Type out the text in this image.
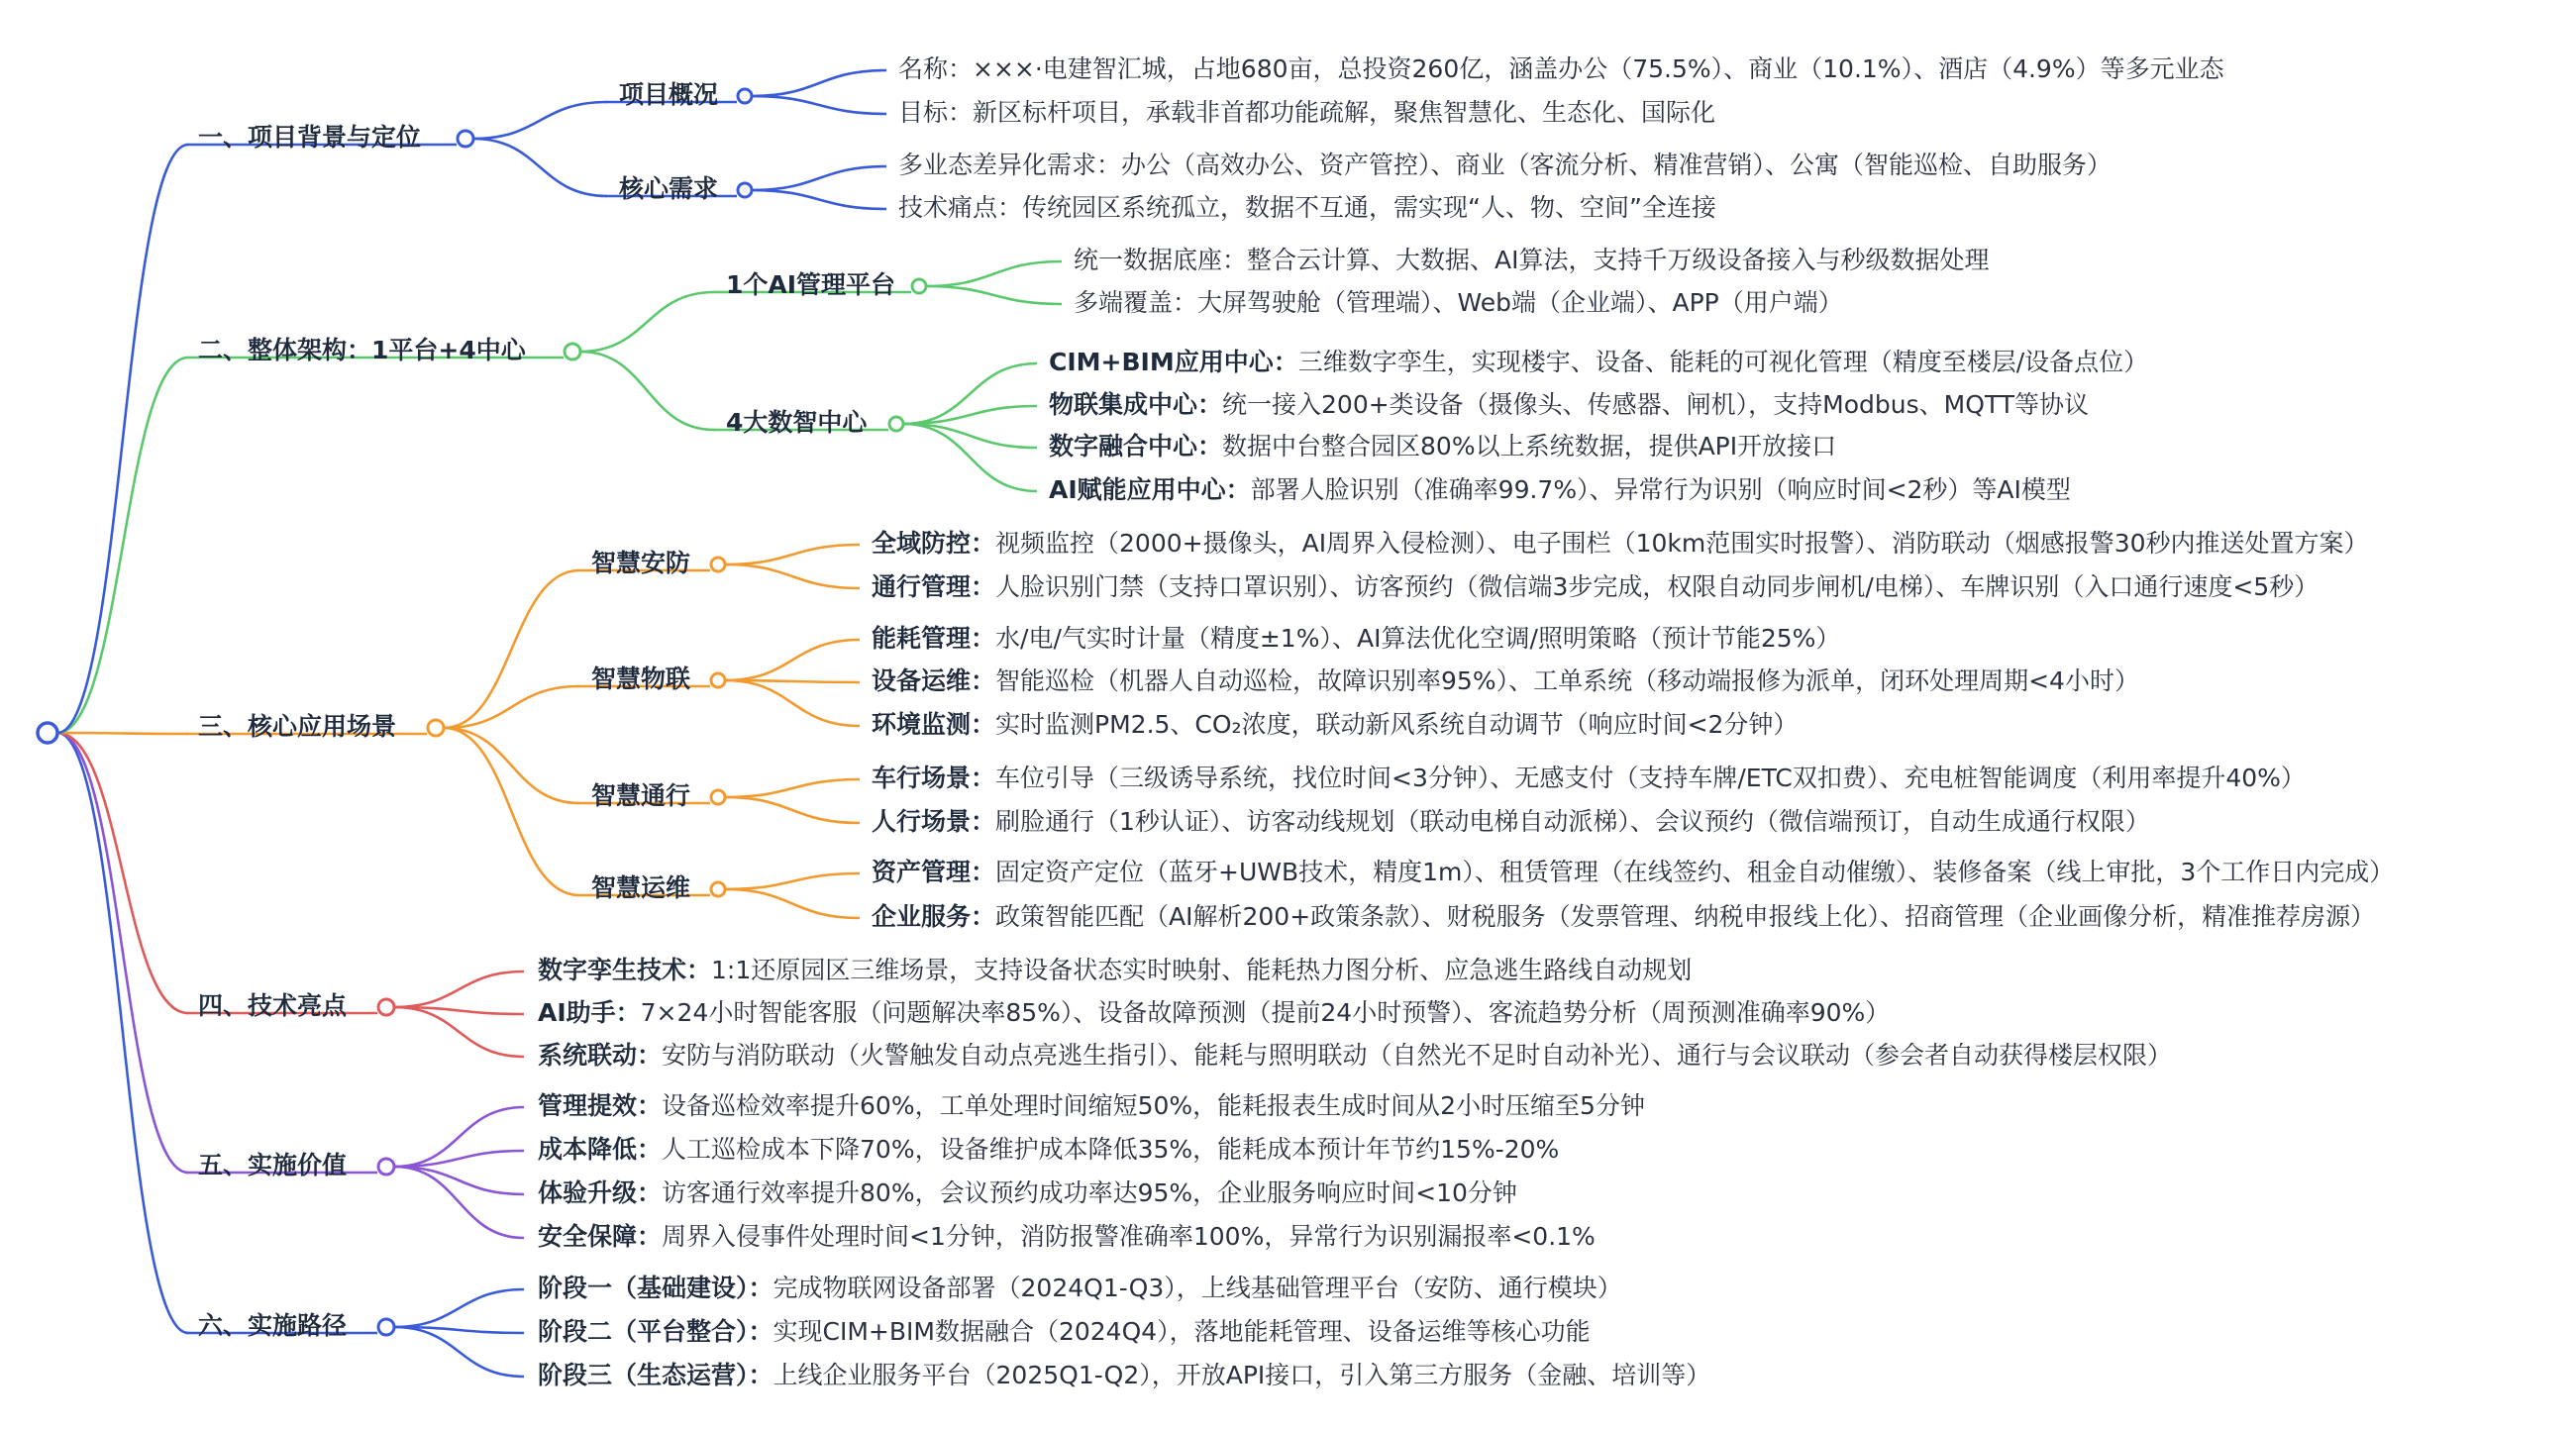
一、项目背景与定位
项目概况
名称：×××·电建智汇城，占地680亩，总投资260亿，涵盖办公（75.5%）、商业（10.1%）、酒店（4.9%）等多元业态
目标：新区标杆项目，承载非首都功能疏解，聚焦智慧化、生态化、国际化
核心需求
多业态差异化需求：办公（高效办公、资产管控）、商业（客流分析、精准营销）、公寓（智能巡检、自助服务）
技术痛点：传统园区系统孤立，数据不互通，需实现“人、物、空间”全连接
二、整体架构：1平台+4中心
1个AI管理平台
统一数据底座：整合云计算、大数据、AI算法，支持千万级设备接入与秒级数据处理
多端覆盖：大屏驾驶舱（管理端）、Web端（企业端）、APP（用户端）
4大数智中心
CIM+BIM应用中心：三维数字孪生，实现楼宇、设备、能耗的可视化管理（精度至楼层/设备点位）
物联集成中心：统一接入200+类设备（摄像头、传感器、闸机），支持Modbus、MQTT等协议
数字融合中心：数据中台整合园区80%以上系统数据，提供API开放接口
AI赋能应用中心：部署人脸识别（准确率99.7%）、异常行为识别（响应时间<2秒）等AI模型
三、核心应用场景
智慧安防
全域防控：视频监控（2000+摄像头，AI周界入侵检测）、电子围栏（10km范围实时报警）、消防联动（烟感报警30秒内推送处置方案）
通行管理：人脸识别门禁（支持口罩识别）、访客预约（微信端3步完成，权限自动同步闸机/电梯）、车牌识别（入口通行速度<5秒）
智慧物联
能耗管理：水/电/气实时计量（精度±1%）、AI算法优化空调/照明策略（预计节能25%）
设备运维：智能巡检（机器人自动巡检，故障识别率95%）、工单系统（移动端报修为派单，闭环处理周期<4小时）
环境监测：实时监测PM2.5、CO₂浓度，联动新风系统自动调节（响应时间<2分钟）
智慧通行
车行场景：车位引导（三级诱导系统，找位时间<3分钟）、无感支付（支持车牌/ETC双扣费）、充电桩智能调度（利用率提升40%）
人行场景：刷脸通行（1秒认证）、访客动线规划（联动电梯自动派梯）、会议预约（微信端预订，自动生成通行权限）
智慧运维
资产管理：固定资产定位（蓝牙+UWB技术，精度1m）、租赁管理（在线签约、租金自动催缴）、装修备案（线上审批，3个工作日内完成）
企业服务：政策智能匹配（AI解析200+政策条款）、财税服务（发票管理、纳税申报线上化）、招商管理（企业画像分析，精准推荐房源）
四、技术亮点
数字孪生技术：1:1还原园区三维场景，支持设备状态实时映射、能耗热力图分析、应急逃生路线自动规划
AI助手：7×24小时智能客服（问题解决率85%）、设备故障预测（提前24小时预警）、客流趋势分析（周预测准确率90%）
系统联动：安防与消防联动（火警触发自动点亮逃生指引）、能耗与照明联动（自然光不足时自动补光）、通行与会议联动（参会者自动获得楼层权限）
五、实施价值
管理提效：设备巡检效率提升60%，工单处理时间缩短50%，能耗报表生成时间从2小时压缩至5分钟
成本降低：人工巡检成本下降70%，设备维护成本降低35%，能耗成本预计年节约15%-20%
体验升级：访客通行效率提升80%，会议预约成功率达95%，企业服务响应时间<10分钟
安全保障：周界入侵事件处理时间<1分钟，消防报警准确率100%，异常行为识别漏报率<0.1%
六、实施路径
阶段一（基础建设）：完成物联网设备部署（2024Q1-Q3），上线基础管理平台（安防、通行模块）
阶段二（平台整合）：实现CIM+BIM数据融合（2024Q4），落地能耗管理、设备运维等核心功能
阶段三（生态运营）：上线企业服务平台（2025Q1-Q2），开放API接口，引入第三方服务（金融、培训等）
